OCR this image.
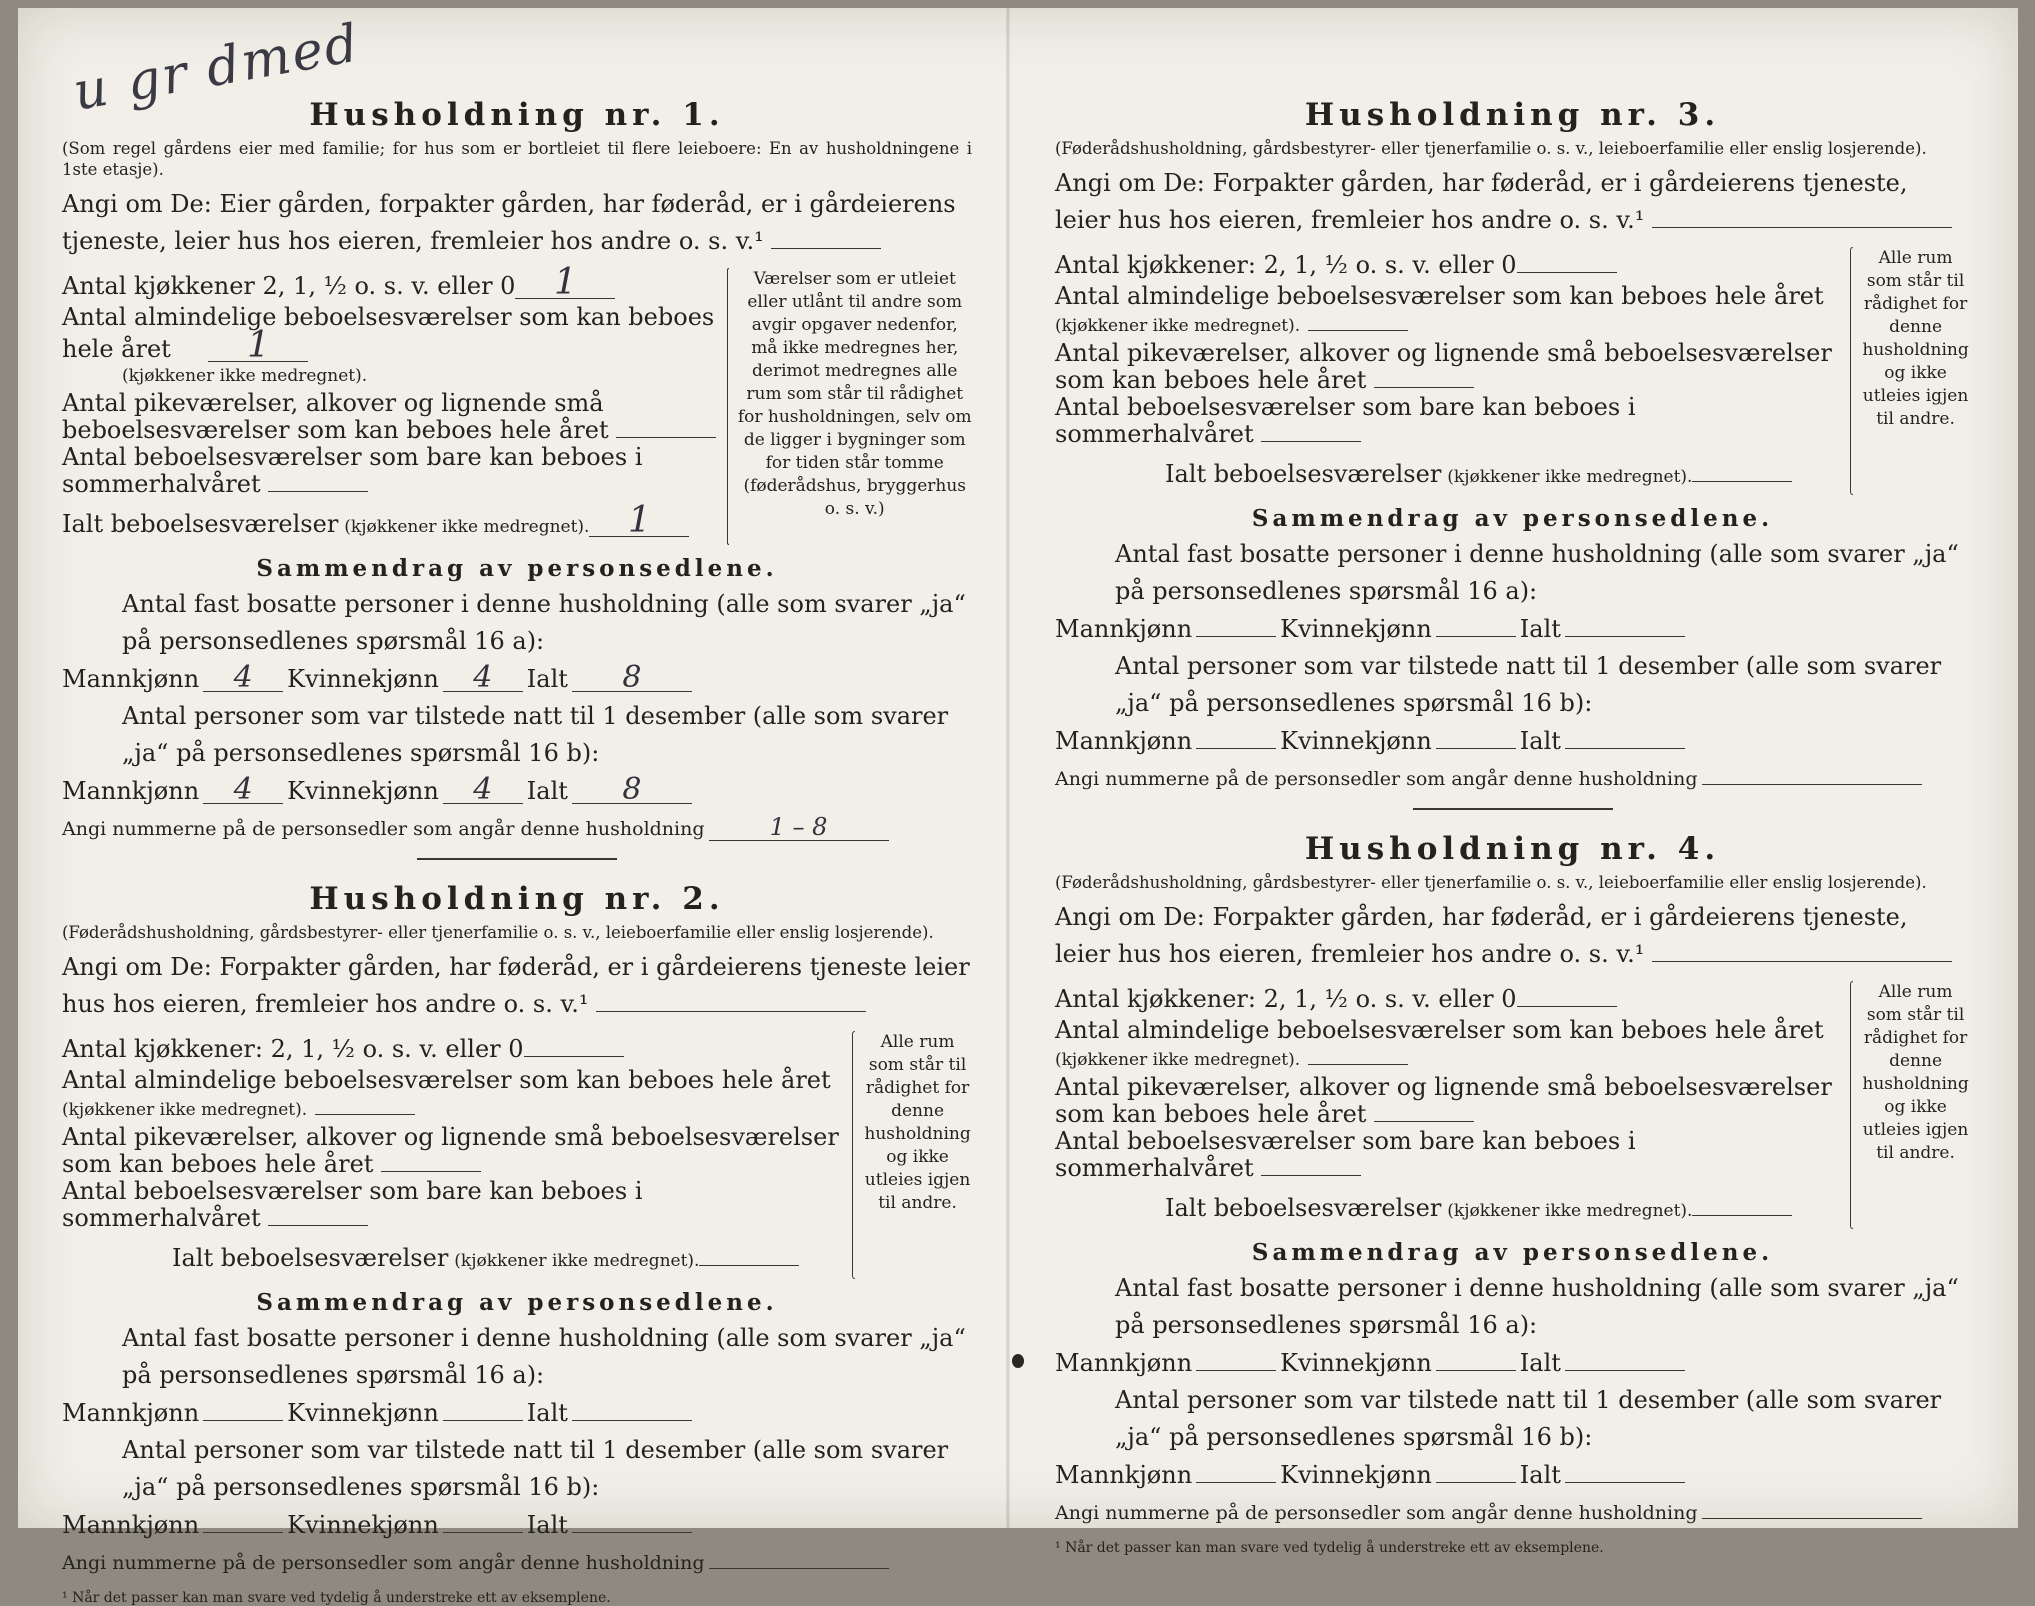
u gr dmed
Husholdning nr. 1.
(Som regel gårdens eier med familie; for hus som er bortleiet til flere leieboere: En av husholdningene i 1ste etasje).
Angi om De: Eier gården, forpakter gården, har føderåd, er i gårdeierens tjeneste, leier hus hos eieren, fremleier hos andre o. s. v.¹
Antal kjøkkener 2, 1, ½ o. s. v. eller 0	1
Antal almindelige beboelsesværelser som kan beboes hele året 1
(kjøkkener ikke medregnet).
Antal pikeværelser, alkover og lignende små beboelsesværelser som kan beboes hele året
Antal beboelsesværelser som bare kan beboes i sommerhalvåret
Ialt beboelsesværelser (kjøkkener ikke medregnet).	1
Værelser som er utleiet eller utlånt til andre som avgir opgaver nedenfor, må ikke medregnes her, derimot medregnes alle rum som står til rådighet for husholdningen, selv om de ligger i bygninger som for tiden står tomme (føderådshus, bryggerhus o. s. v.)
Sammendrag av personsedlene.
Antal fast bosatte personer i denne husholdning (alle som svarer „ja“ på personsedlenes spørsmål 16 a):
Mannkjønn	4	Kvinnekjønn	4	Ialt	8
Antal personer som var tilstede natt til 1 desember (alle som svarer „ja“ på personsedlenes spørsmål 16 b):
Mannkjønn	4	Kvinnekjønn	4	Ialt	8
Angi nummerne på de personsedler som angår denne husholdning	1 – 8
Husholdning nr. 2.
(Føderådshusholdning, gårdsbestyrer- eller tjenerfamilie o. s. v., leieboerfamilie eller enslig losjerende).
Angi om De: Forpakter gården, har føderåd, er i gårdeierens tjeneste leier hus hos eieren, fremleier hos andre o. s. v.¹
Antal kjøkkener: 2, 1, ½ o. s. v. eller 0
Antal almindelige beboelsesværelser som kan beboes hele året (kjøkkener ikke medregnet).
Antal pikeværelser, alkover og lignende små beboelsesværelser som kan beboes hele året
Antal beboelsesværelser som bare kan beboes i sommerhalvåret
Ialt beboelsesværelser (kjøkkener ikke medregnet).
Alle rum som står til rådighet for denne husholdning og ikke utleies igjen til andre.
Sammendrag av personsedlene.
Antal fast bosatte personer i denne husholdning (alle som svarer „ja“ på personsedlenes spørsmål 16 a):
Mannkjønn	Kvinnekjønn	Ialt
Antal personer som var tilstede natt til 1 desember (alle som svarer „ja“ på personsedlenes spørsmål 16 b):
Mannkjønn	Kvinnekjønn	Ialt
Angi nummerne på de personsedler som angår denne husholdning
¹ Når det passer kan man svare ved tydelig å understreke ett av eksemplene.
Husholdning nr. 3.
(Føderådshusholdning, gårdsbestyrer- eller tjenerfamilie o. s. v., leieboerfamilie eller enslig losjerende).
Angi om De: Forpakter gården, har føderåd, er i gårdeierens tjeneste, leier hus hos eieren, fremleier hos andre o. s. v.¹
Antal kjøkkener: 2, 1, ½ o. s. v. eller 0
Antal almindelige beboelsesværelser som kan beboes hele året (kjøkkener ikke medregnet).
Antal pikeværelser, alkover og lignende små beboelsesværelser som kan beboes hele året
Antal beboelsesværelser som bare kan beboes i sommerhalvåret
Ialt beboelsesværelser (kjøkkener ikke medregnet).
Alle rum som står til rådighet for denne husholdning og ikke utleies igjen til andre.
Sammendrag av personsedlene.
Antal fast bosatte personer i denne husholdning (alle som svarer „ja“ på personsedlenes spørsmål 16 a):
Mannkjønn	Kvinnekjønn	Ialt
Antal personer som var tilstede natt til 1 desember (alle som svarer „ja“ på personsedlenes spørsmål 16 b):
Mannkjønn	Kvinnekjønn	Ialt
Angi nummerne på de personsedler som angår denne husholdning
Husholdning nr. 4.
(Føderådshusholdning, gårdsbestyrer- eller tjenerfamilie o. s. v., leieboerfamilie eller enslig losjerende).
Angi om De: Forpakter gården, har føderåd, er i gårdeierens tjeneste, leier hus hos eieren, fremleier hos andre o. s. v.¹
Antal kjøkkener: 2, 1, ½ o. s. v. eller 0
Antal almindelige beboelsesværelser som kan beboes hele året (kjøkkener ikke medregnet).
Antal pikeværelser, alkover og lignende små beboelsesværelser som kan beboes hele året
Antal beboelsesværelser som bare kan beboes i sommerhalvåret
Ialt beboelsesværelser (kjøkkener ikke medregnet).
Alle rum som står til rådighet for denne husholdning og ikke utleies igjen til andre.
Sammendrag av personsedlene.
Antal fast bosatte personer i denne husholdning (alle som svarer „ja“ på personsedlenes spørsmål 16 a):
Mannkjønn	Kvinnekjønn	Ialt
Antal personer som var tilstede natt til 1 desember (alle som svarer „ja“ på personsedlenes spørsmål 16 b):
Mannkjønn	Kvinnekjønn	Ialt
Angi nummerne på de personsedler som angår denne husholdning
¹ Når det passer kan man svare ved tydelig å understreke ett av eksemplene.
